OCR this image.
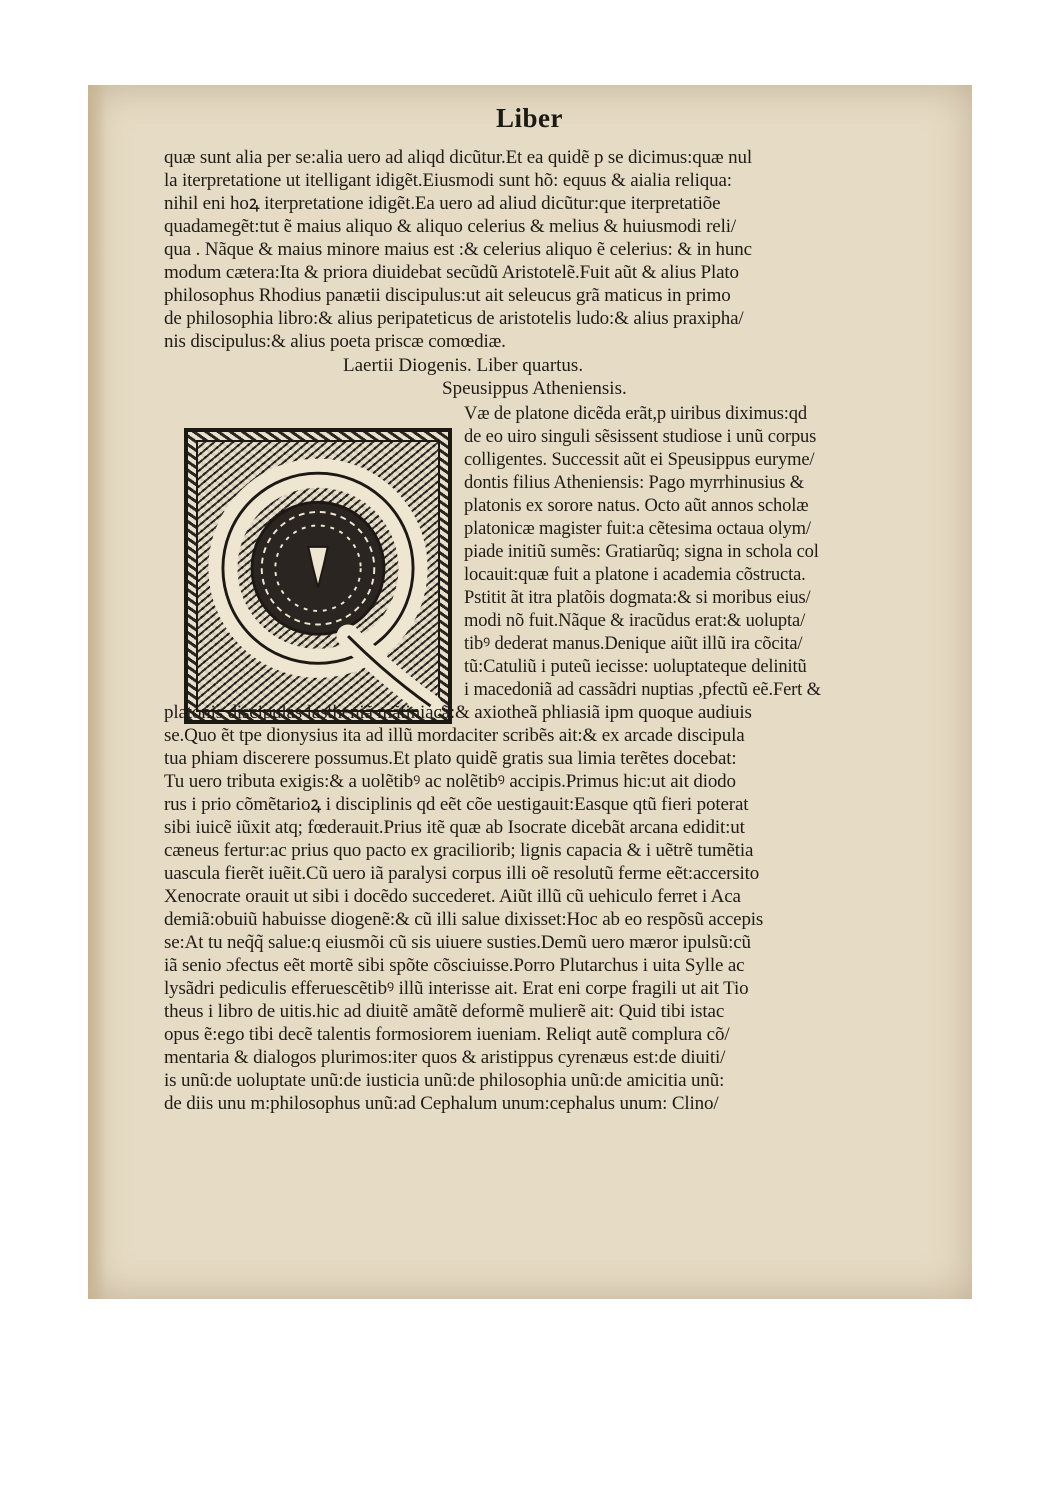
Liber

quæ sunt alia per se:alia uero ad aliqd dicũtur.Et ea quidẽ p se dicimus:quæ nul

la iterpretatione ut itelligant idigẽt.Eiusmodi sunt hõ: equus & aialia reliqua:

nihil eni hoꝝ iterpretatione idigẽt.Ea uero ad aliud dicũtur:que iterpretatiõe

quadamegẽt:tut ẽ maius aliquo & aliquo celerius & melius & huiusmodi reli/

qua . Nãque & maius minore maius est :& celerius aliquo ẽ celerius: & in hunc

modum cætera:Ita & priora diuidebat secũdũ Aristotelẽ.Fuit aũt & alius Plato

philosophus Rhodius panætii discipulus:ut ait seleucus grã maticus in primo

de philosophia libro:& alius peripateticus de aristotelis ludo:& alius praxipha/

nis discipulus:& alius poeta priscæ comœdiæ.

Laertii Diogenis. Liber quartus.

Speusippus Atheniensis.

Væ de platone dicẽda erãt,p uiribus diximus:qd

de eo uiro singuli sẽsissent studiose i unũ corpus

colligentes. Successit aũt ei Speusippus euryme/

dontis filius Atheniensis: Pago myrrhinusius &

platonis ex sorore natus. Octo aũt annos scholæ

platonicæ magister fuit:a cẽtesima octaua olym/

piade initiũ sumẽs: Gratiarũq; signa in schola col

locauit:quæ fuit a platone i academia cõstructa.

Pstitit ãt itra platõis dogmata:& si moribus eius/

modi nõ fuit.Nãque & iracũdus erat:& uolupta/

tibꝰ dederat manus.Denique aiũt illũ ira cõcita/

tũ:Catuliũ i puteũ iecisse: uoluptateque delinitũ

i macedoniã ad cassãdri nuptias ,pfectũ eẽ.Fert &

platonis discipulas lastheniã mãtiniacã:& axiotheã phliasiã ipm quoque audiuis

se.Quo ẽt tpe dionysius ita ad illũ mordaciter scribẽs ait:& ex arcade discipula

tua phiam discerere possumus.Et plato quidẽ gratis sua limia terẽtes docebat:

Tu uero tributa exigis:& a uolẽtibꝰ ac nolẽtibꝰ accipis.Primus hic:ut ait diodo

rus i prio cõmẽtarioꝝ i disciplinis qd eẽt cõe uestigauit:Easque qtũ fieri poterat

sibi iuicẽ iũxit atq; fœderauit.Prius itẽ quæ ab Isocrate dicebãt arcana edidit:ut

cæneus fertur:ac prius quo pacto ex graciliorib; lignis capacia & i uẽtrẽ tumẽtia

uascula fierẽt iuẽit.Cũ uero iã paralysi corpus illi oẽ resolutũ ferme eẽt:accersito

Xenocrate orauit ut sibi i docẽdo succederet. Aiũt illũ cũ uehiculo ferret i Aca

demiã:obuiũ habuisse diogenẽ:& cũ illi salue dixisset:Hoc ab eo respõsũ accepis

se:At tu neq̃q̃ salue:q eiusmõi cũ sis uiuere susties.Demũ uero mæror ipulsũ:cũ

iã senio ɔfectus eẽt mortẽ sibi spõte cõsciuisse.Porro Plutarchus i uita Sylle ac

lysãdri pediculis efferuescẽtibꝰ illũ interisse ait. Erat eni corpe fragili ut ait Tio

theus i libro de uitis.hic ad diuitẽ amãtẽ deformẽ mulierẽ ait: Quid tibi istac

opus ẽ:ego tibi decẽ talentis formosiorem iueniam. Reliqt autẽ complura cõ/

mentaria & dialogos plurimos:iter quos & aristippus cyrenæus est:de diuiti/

is unũ:de uoluptate unũ:de iusticia unũ:de philosophia unũ:de amicitia unũ:

de diis unu m:philosophus unũ:ad Cephalum unum:cephalus unum: Clino/
